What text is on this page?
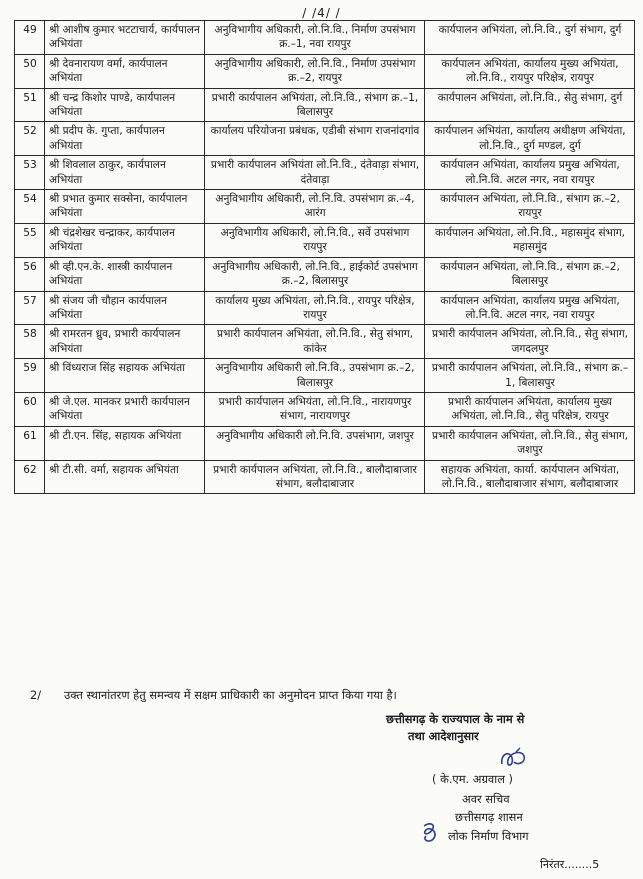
/ /4/ /
49	श्री आशीष कुमार भटटाचार्य, कार्यपालन अभियंता	अनुविभागीय अधिकारी, लो.नि.वि., निर्माण उपसंभाग क्र.–1, नवा रायपुर	कार्यपालन अभियंता, लो.नि.वि., दुर्ग संभाग, दुर्ग
50	श्री देवनारायण वर्मा, कार्यपालन अभियंता	अनुविभागीय अधिकारी, लो.नि.वि., निर्माण उपसंभाग क्र.–2, रायपुर	कार्यपालन अभियंता, कार्यालय मुख्य अभियंता, लो.नि.वि., रायपुर परिक्षेत्र, रायपुर
51	श्री चन्द्र किशोर पाण्डे, कार्यपालन अभियंता	प्रभारी कार्यपालन अभियंता, लो.नि.वि., संभाग क्र.–1, बिलासपुर	कार्यपालन अभियंता, लो.नि.वि., सेतु संभाग, दुर्ग
52	श्री प्रदीप के. गुप्ता, कार्यपालन अभियंता	कार्यालय परियोजना प्रबंधक, एडीबी संभाग राजनांदगांव	कार्यपालन अभियंता, कार्यालय अधीक्षण अभियंता, लो.नि.वि., दुर्ग मण्डल, दुर्ग
53	श्री शिवलाल ठाकुर, कार्यपालन अभियंता	प्रभारी कार्यपालन अभियंता लो.नि.वि., दंतेवाड़ा संभाग, दंतेवाड़ा	कार्यपालन अभियंता, कार्यालय प्रमुख अभियंता, लो.नि.वि. अटल नगर, नवा रायपुर
54	श्री प्रभात कुमार सक्सेना, कार्यपालन अभियंता	अनुविभागीय अधिकारी, लो.नि.वि. उपसंभाग क्र.–4, आरंग	कार्यपालन अभियंता, लो.नि.वि., संभाग क्र.–2, रायपुर
55	श्री चंद्रशेखर चन्द्राकर, कार्यपालन अभियंता	अनुविभागीय अधिकारी, लो.नि.वि., सर्वे उपसंभाग रायपुर	कार्यपालन अभियंता, लो.नि.वि., महासमुंद संभाग, महासमुंद
56	श्री व्ही.एन.के. शास्त्री कार्यपालन अभियंता	अनुविभागीय अधिकारी, लो.नि.वि., हाईकोर्ट उपसंभाग क्र.–2, बिलासपुर	कार्यपालन अभियंता, लो.नि.वि., संभाग क्र.–2, बिलासपुर
57	श्री संजय जी चौहान कार्यपालन अभियंता	कार्यालय मुख्य अभियंता, लो.नि.वि., रायपुर परिक्षेत्र, रायपुर	कार्यपालन अभियंता, कार्यालय प्रमुख अभियंता, लो.नि.वि. अटल नगर, नवा रायपुर
58	श्री रामरतन ध्रुव, प्रभारी कार्यपालन अभियंता	प्रभारी कार्यपालन अभियंता, लो.नि.वि., सेतु संभाग, कांकेर	प्रभारी कार्यपालन अभियंता, लो.नि.वि., सेतु संभाग, जगदलपुर
59	श्री विंध्यराज सिंह सहायक अभियंता	अनुविभागीय अधिकारी लो.नि.वि., उपसंभाग क्र.–2, बिलासपुर	प्रभारी कार्यपालन अभियंता, लो.नि.वि., संभाग क्र.–1, बिलासपुर
60	श्री जे.एल. मानकर प्रभारी कार्यपालन अभियंता	प्रभारी कार्यपालन अभियंता, लो.नि.वि., नारायणपुर संभाग, नारायणपुर	प्रभारी कार्यपालन अभियंता, कार्यालय मुख्य अभियंता, लो.नि.वि., सेतु परिक्षेत्र, रायपुर
61	श्री टी.एन. सिंह, सहायक अभियंता	अनुविभागीय अधिकारी लो.नि.वि. उपसंभाग, जशपुर	प्रभारी कार्यपालन अभियंता, लो.नि.वि., सेतु संभाग, जशपुर
62	श्री टी.सी. वर्मा, सहायक अभियंता	प्रभारी कार्यपालन अभियंता, लो.नि.वि., बालौदाबाजार संभाग, बलौदाबाजार	सहायक अभियंता, कार्या. कार्यपालन अभियंता, लो.नि.वि., बालौदाबाजार संभाग, बलौदाबाजार
2/ उक्त स्थानांतरण हेतु समन्वय में सक्षम प्राधिकारी का अनुमोदन प्राप्त किया गया है।
छत्तीसगढ़ के राज्यपाल के नाम से
तथा आदेशानुसार
( के.एम. अग्रवाल )
अवर सचिव
छत्तीसगढ़ शासन
लोक निर्माण विभाग
निरंतर........5
